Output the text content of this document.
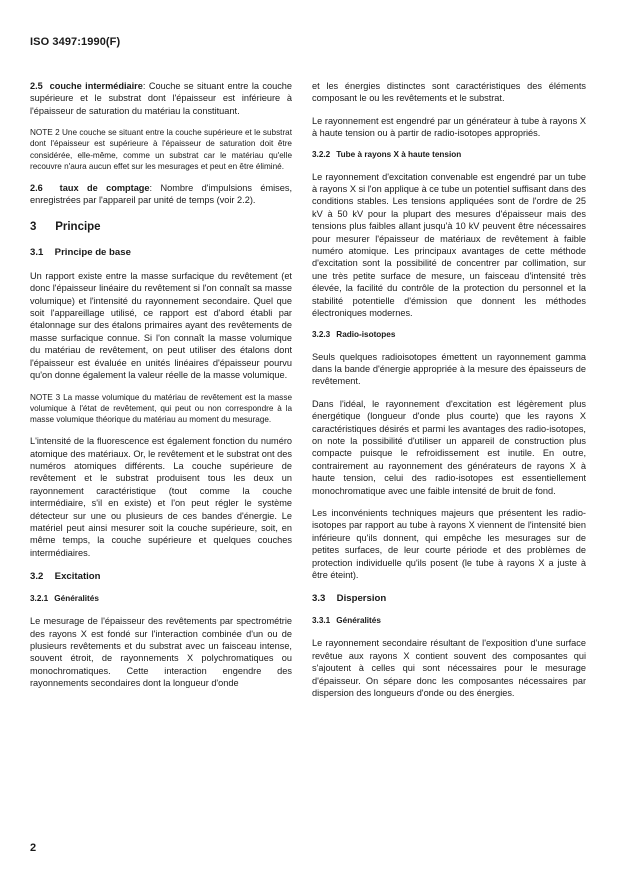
ISO 3497:1990(F)

2.5 couche intermédiaire: Couche se situant entre la couche supérieure et le substrat dont l'épaisseur est inférieure à l'épaisseur de saturation du matériau la constituant.

NOTE 2 Une couche se situant entre la couche supérieure et le substrat dont l'épaisseur est supérieure à l'épaisseur de saturation doit être considérée, elle-même, comme un substrat car le matériau qu'elle recouvre n'aura aucun effet sur les mesurages et peut en être éliminé.

2.6 taux de comptage: Nombre d'impulsions émises, enregistrées par l'appareil par unité de temps (voir 2.2).

3 Principe
3.1 Principe de base

Un rapport existe entre la masse surfacique du revêtement (et donc l'épaisseur linéaire du revêtement si l'on connaît sa masse volumique) et l'intensité du rayonnement secondaire. Quel que soit l'appareillage utilisé, ce rapport est d'abord établi par étalonnage sur des étalons primaires ayant des revêtements de masse surfacique connue. Si l'on connaît la masse volumique du matériau de revêtement, on peut utiliser des étalons dont l'épaisseur est évaluée en unités linéaires d'épaisseur pourvu qu'on donne également la valeur réelle de la masse volumique.

NOTE 3 La masse volumique du matériau de revêtement est la masse volumique à l'état de revêtement, qui peut ou non correspondre à la masse volumique théorique du matériau au moment du mesurage.

L'intensité de la fluorescence est également fonction du numéro atomique des matériaux. Or, le revêtement et le substrat ont des numéros atomiques différents. La couche supérieure de revêtement et le substrat produisent tous les deux un rayonnement caractéristique (tout comme la couche intermédiaire, s'il en existe) et l'on peut régler le système détecteur sur une ou plusieurs de ces bandes d'énergie. Le matériel peut ainsi mesurer soit la couche supérieure, soit, en même temps, la couche supérieure et quelques couches intermédiaires.

3.2 Excitation
3.2.1 Généralités

Le mesurage de l'épaisseur des revêtements par spectrométrie des rayons X est fondé sur l'interaction combinée d'un ou de plusieurs revêtements et du substrat avec un faisceau intense, souvent étroit, de rayonnements X polychromatiques ou monochromatiques. Cette interaction engendre des rayonnements secondaires dont la longueur d'onde

et les énergies distinctes sont caractéristiques des éléments composant le ou les revêtements et le substrat.

Le rayonnement est engendré par un générateur à tube à rayons X à haute tension ou à partir de radio-isotopes appropriés.

3.2.2 Tube à rayons X à haute tension

Le rayonnement d'excitation convenable est engendré par un tube à rayons X si l'on applique à ce tube un potentiel suffisant dans des conditions stables. Les tensions appliquées sont de l'ordre de 25 kV à 50 kV pour la plupart des mesures d'épaisseur mais des tensions plus faibles allant jusqu'à 10 kV peuvent être nécessaires pour mesurer l'épaisseur de matériaux de revêtement à faible numéro atomique. Les principaux avantages de cette méthode d'excitation sont la possibilité de concentrer par collimation, sur une très petite surface de mesure, un faisceau d'intensité très élevée, la facilité du contrôle de la protection du personnel et la stabilité potentielle d'émission que donnent les méthodes électroniques modernes.

3.2.3 Radio-isotopes

Seuls quelques radioisotopes émettent un rayonnement gamma dans la bande d'énergie appropriée à la mesure des épaisseurs de revêtement.

Dans l'idéal, le rayonnement d'excitation est légèrement plus énergétique (longueur d'onde plus courte) que les rayons X caractéristiques désirés et parmi les avantages des radio-isotopes, on note la possibilité d'utiliser un appareil de construction plus compacte puisque le refroidissement est inutile. En outre, contrairement au rayonnement des générateurs de rayons X à haute tension, celui des radio-isotopes est essentiellement monochromatique avec une faible intensité de bruit de fond.

Les inconvénients techniques majeurs que présentent les radio-isotopes par rapport au tube à rayons X viennent de l'intensité bien inférieure qu'ils donnent, qui empêche les mesurages sur de petites surfaces, de leur courte période et des problèmes de protection individuelle qu'ils posent (le tube à rayons X a juste à être éteint).

3.3 Dispersion
3.3.1 Généralités

Le rayonnement secondaire résultant de l'exposition d'une surface revêtue aux rayons X contient souvent des composantes qui s'ajoutent à celles qui sont nécessaires pour le mesurage d'épaisseur. On sépare donc les composantes nécessaires par dispersion des longueurs d'onde ou des énergies.

2
